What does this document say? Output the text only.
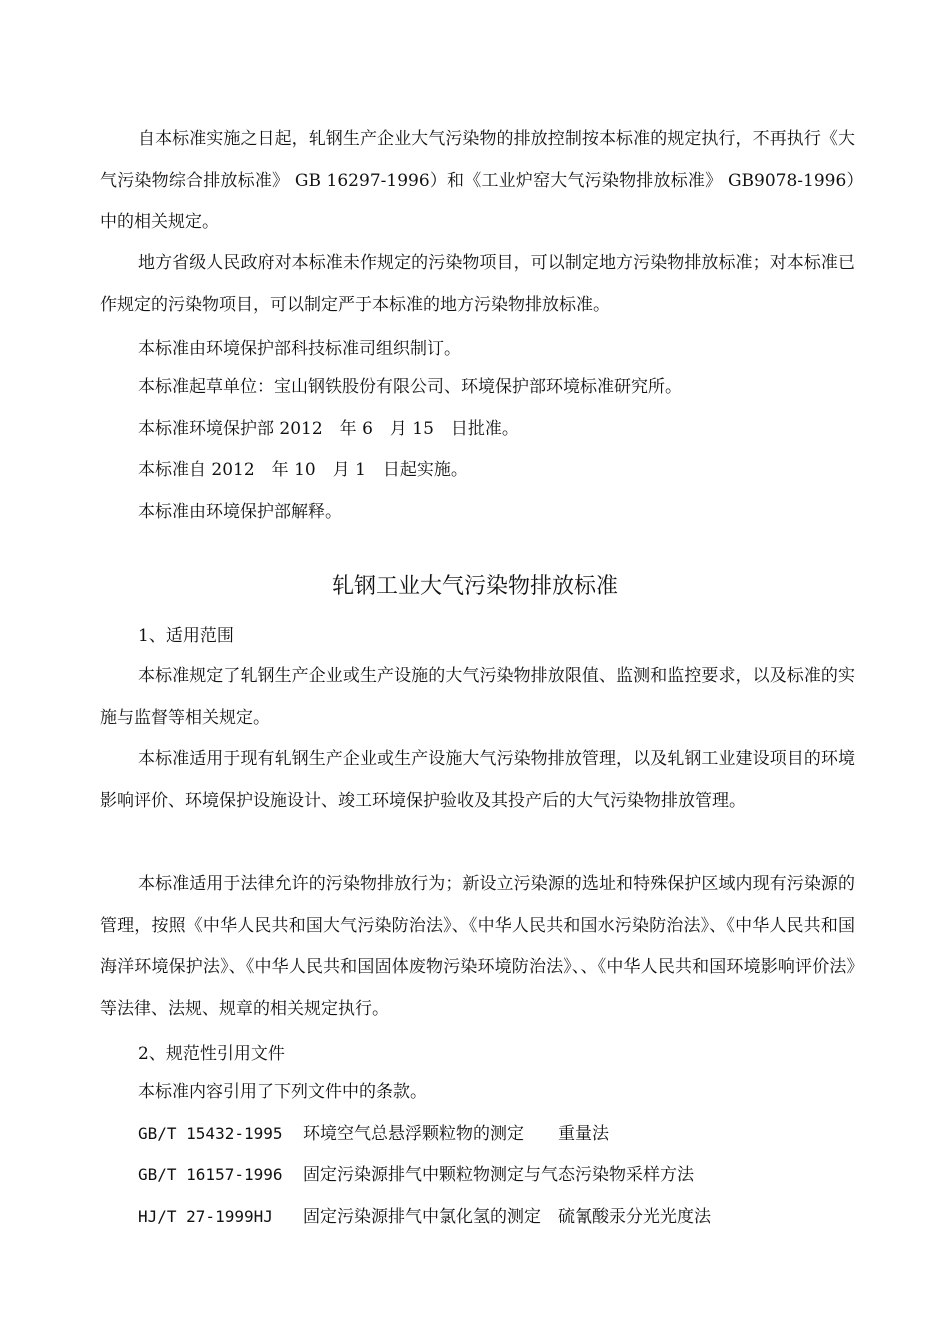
自本标准实施之日起，轧钢生产企业大气污染物的排放控制按本标准的规定执行，不再执行《大气污染物综合排放标准》 GB 16297-1996）和《工业炉窑大气污染物排放标准》 GB9078-1996）中的相关规定。

地方省级人民政府对本标准未作规定的污染物项目，可以制定地方污染物排放标准；对本标准已作规定的污染物项目，可以制定严于本标准的地方污染物排放标准。

本标准由环境保护部科技标准司组织制订。

本标准起草单位：宝山钢铁股份有限公司、环境保护部环境标准研究所。

本标准环境保护部 2012　年 6　月 15　日批准。

本标准自 2012　年 10　月 1　日起实施。

本标准由环境保护部解释。

轧钢工业大气污染物排放标准

1、适用范围

本标准规定了轧钢生产企业或生产设施的大气污染物排放限值、监测和监控要求，以及标准的实施与监督等相关规定。

本标准适用于现有轧钢生产企业或生产设施大气污染物排放管理，以及轧钢工业建设项目的环境影响评价、环境保护设施设计、竣工环境保护验收及其投产后的大气污染物排放管理。

本标准适用于法律允许的污染物排放行为；新设立污染源的选址和特殊保护区域内现有污染源的管理，按照《中华人民共和国大气污染防治法》、《中华人民共和国水污染防治法》、《中华人民共和国海洋环境保护法》、《中华人民共和国固体废物污染环境防治法》、、《中华人民共和国环境影响评价法》等法律、法规、规章的相关规定执行。

2、规范性引用文件

本标准内容引用了下列文件中的条款。

GB/T 15432-1995 环境空气总悬浮颗粒物的测定　　重量法

GB/T 16157-1996 固定污染源排气中颗粒物测定与气态污染物采样方法

HJ/T 27-1999HJ 固定污染源排气中氯化氢的测定　硫氰酸汞分光光度法
